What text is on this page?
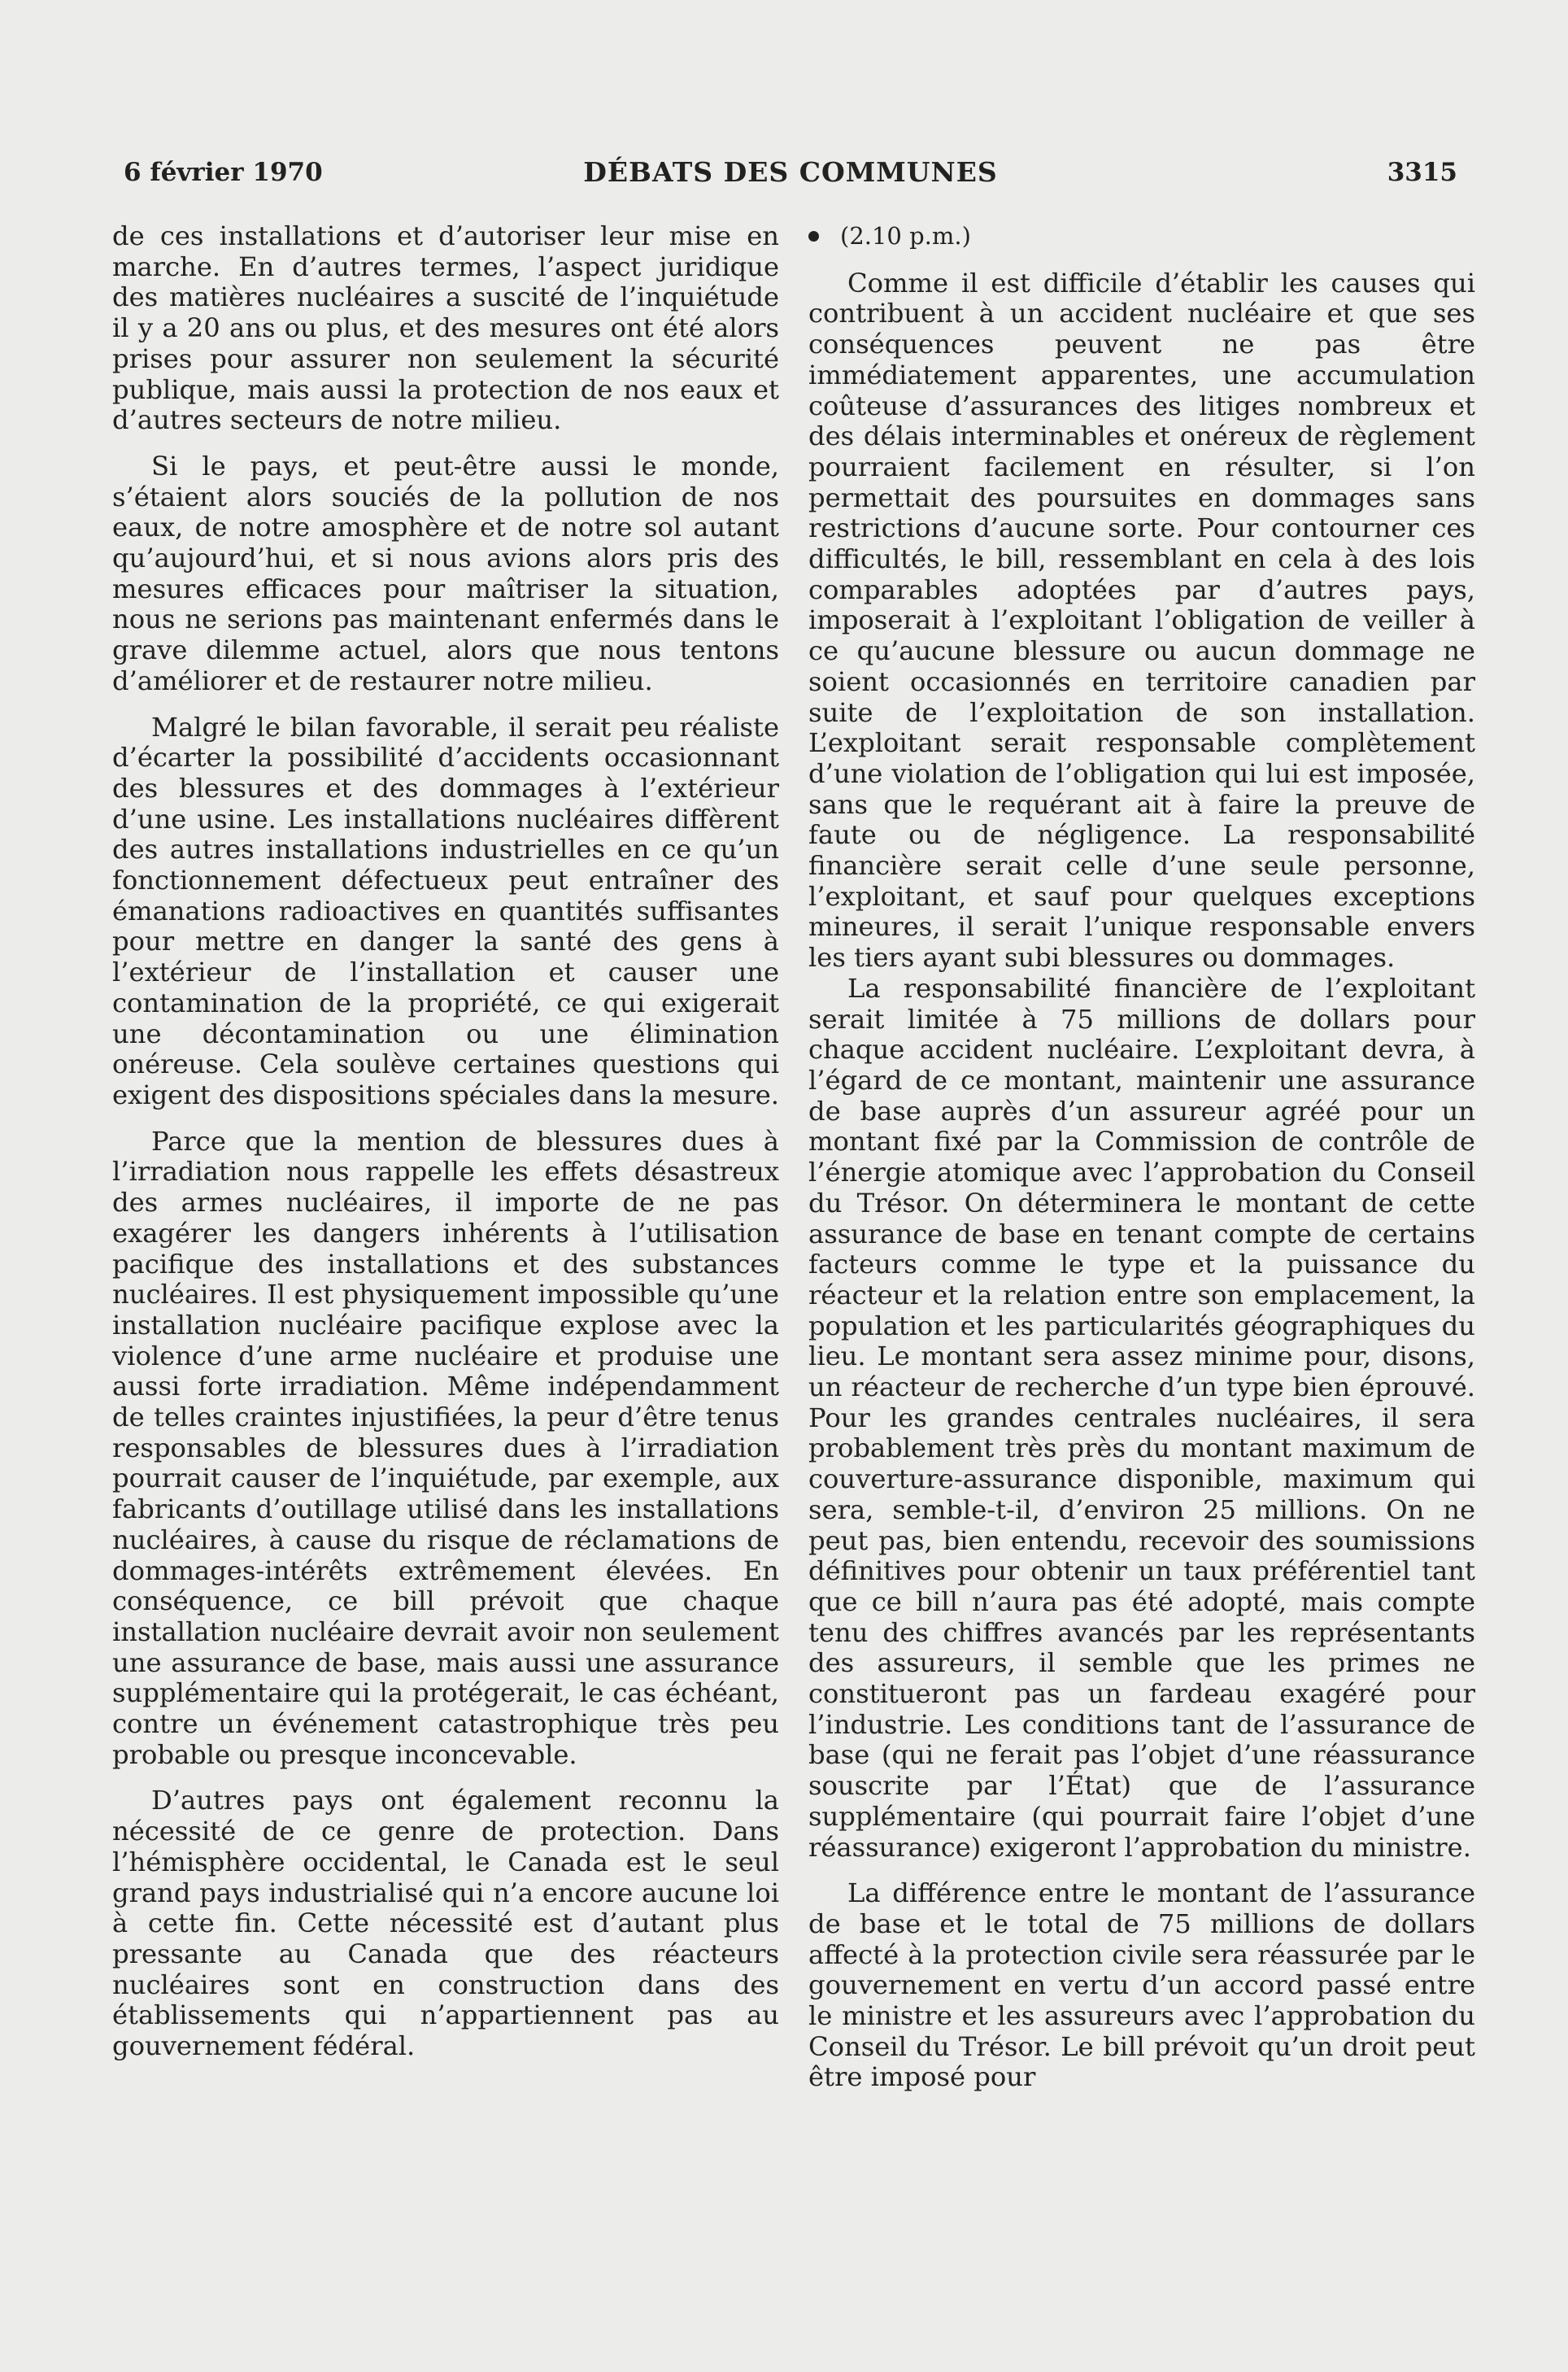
6 février 1970	DÉBATS DES COMMUNES	3315

de ces installations et d’autoriser leur mise en marche. En d’autres termes, l’aspect juridique des matières nucléaires a suscité de l’inquiétude il y a 20 ans ou plus, et des mesures ont été alors prises pour assurer non seulement la sécurité publique, mais aussi la protection de nos eaux et d’autres secteurs de notre milieu.

Si le pays, et peut-être aussi le monde, s’étaient alors souciés de la pollution de nos eaux, de notre amosphère et de notre sol autant qu’aujourd’hui, et si nous avions alors pris des mesures efficaces pour maîtriser la situation, nous ne serions pas maintenant enfermés dans le grave dilemme actuel, alors que nous tentons d’améliorer et de restaurer notre milieu.

Malgré le bilan favorable, il serait peu réaliste d’écarter la possibilité d’accidents occasionnant des blessures et des dommages à l’extérieur d’une usine. Les installations nucléaires diffèrent des autres installations industrielles en ce qu’un fonctionnement défectueux peut entraîner des émanations radioactives en quantités suffisantes pour mettre en danger la santé des gens à l’extérieur de l’installation et causer une contamination de la propriété, ce qui exigerait une décontamination ou une élimination onéreuse. Cela soulève certaines questions qui exigent des dispositions spéciales dans la mesure.

Parce que la mention de blessures dues à l’irradiation nous rappelle les effets désastreux des armes nucléaires, il importe de ne pas exagérer les dangers inhérents à l’utilisation pacifique des installations et des substances nucléaires. Il est physiquement impossible qu’une installation nucléaire pacifique explose avec la violence d’une arme nucléaire et produise une aussi forte irradiation. Même indépendamment de telles craintes injustifiées, la peur d’être tenus responsables de blessures dues à l’irradiation pourrait causer de l’inquiétude, par exemple, aux fabricants d’outillage utilisé dans les installations nucléaires, à cause du risque de réclamations de dommages-intérêts extrêmement élevées. En conséquence, ce bill prévoit que chaque installation nucléaire devrait avoir non seulement une assurance de base, mais aussi une assurance supplémentaire qui la protégerait, le cas échéant, contre un événement catastrophique très peu probable ou presque inconcevable.

D’autres pays ont également reconnu la nécessité de ce genre de protection. Dans l’hémisphère occidental, le Canada est le seul grand pays industrialisé qui n’a encore aucune loi à cette fin. Cette nécessité est d’autant plus pressante au Canada que des réacteurs nucléaires sont en construction dans des établissements qui n’appartiennent pas au gouvernement fédéral.

(2.10 p.m.)

Comme il est difficile d’établir les causes qui contribuent à un accident nucléaire et que ses conséquences peuvent ne pas être immédiatement apparentes, une accumulation coûteuse d’assurances des litiges nombreux et des délais interminables et onéreux de règlement pourraient facilement en résulter, si l’on permettait des poursuites en dommages sans restrictions d’aucune sorte. Pour contourner ces difficultés, le bill, ressemblant en cela à des lois comparables adoptées par d’autres pays, imposerait à l’exploitant l’obligation de veiller à ce qu’aucune blessure ou aucun dommage ne soient occasionnés en territoire canadien par suite de l’exploitation de son installation. L’exploitant serait responsable complètement d’une violation de l’obligation qui lui est imposée, sans que le requérant ait à faire la preuve de faute ou de négligence. La responsabilité financière serait celle d’une seule personne, l’exploitant, et sauf pour quelques exceptions mineures, il serait l’unique responsable envers les tiers ayant subi blessures ou dommages.

La responsabilité financière de l’exploitant serait limitée à 75 millions de dollars pour chaque accident nucléaire. L’exploitant devra, à l’égard de ce montant, maintenir une assurance de base auprès d’un assureur agréé pour un montant fixé par la Commission de contrôle de l’énergie atomique avec l’approbation du Conseil du Trésor. On déterminera le montant de cette assurance de base en tenant compte de certains facteurs comme le type et la puissance du réacteur et la relation entre son emplacement, la population et les particularités géographiques du lieu. Le montant sera assez minime pour, disons, un réacteur de recherche d’un type bien éprouvé. Pour les grandes centrales nucléaires, il sera probablement très près du montant maximum de couverture-assurance disponible, maximum qui sera, semble-t-il, d’environ 25 millions. On ne peut pas, bien entendu, recevoir des soumissions définitives pour obtenir un taux préférentiel tant que ce bill n’aura pas été adopté, mais compte tenu des chiffres avancés par les représentants des assureurs, il semble que les primes ne constitueront pas un fardeau exagéré pour l’industrie. Les conditions tant de l’assurance de base (qui ne ferait pas l’objet d’une réassurance souscrite par l’État) que de l’assurance supplémentaire (qui pourrait faire l’objet d’une réassurance) exigeront l’approbation du ministre.

La différence entre le montant de l’assurance de base et le total de 75 millions de dollars affecté à la protection civile sera réassurée par le gouvernement en vertu d’un accord passé entre le ministre et les assureurs avec l’approbation du Conseil du Trésor. Le bill prévoit qu’un droit peut être imposé pour
